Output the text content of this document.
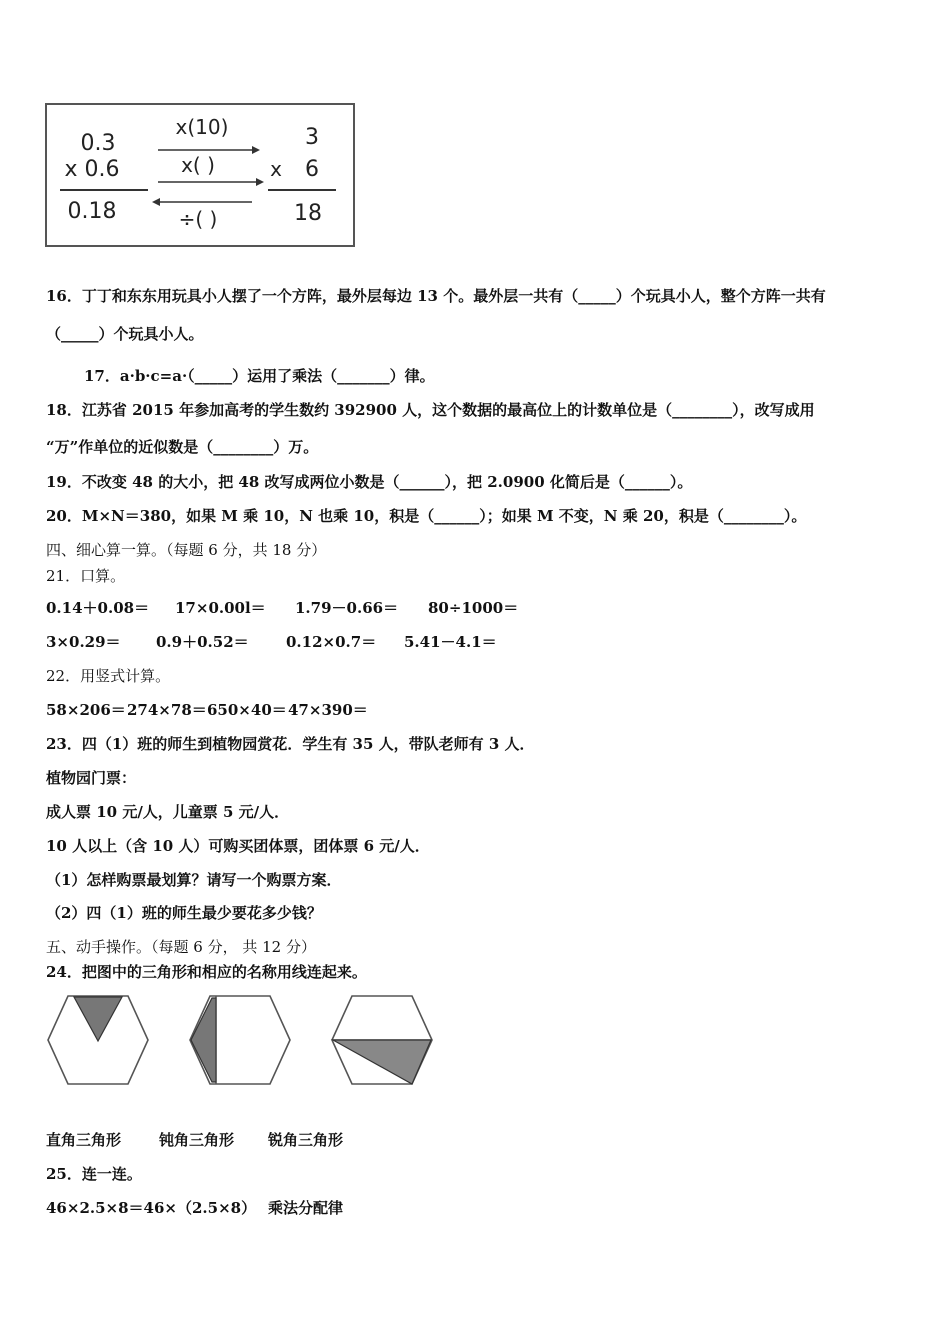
0.3
x 0.6
0.18
x(10)
x( )
÷( )
3
x 6
18
16．丁丁和东东用玩具小人摆了一个方阵，最外层每边 13 个。最外层一共有（_____）个玩具小人，整个方阵一共有
（_____）个玩具小人。
17．a·b·c=a·（_____）运用了乘法（_______）律。
18．江苏省 2015 年参加高考的学生数约 392900 人，这个数据的最高位上的计数单位是（________），改写成用
“万”作单位的近似数是（________）万。
19．不改变 48 的大小，把 48 改写成两位小数是（______），把 2.0900 化简后是（______）。
20．M×N＝380，如果 M 乘 10，N 也乘 10，积是（______）；如果 M 不变，N 乘 20，积是（________）。
四、细心算一算。（每题 6 分，共 18 分）
21．口算。
0.14＋0.08＝ 17×0.00l＝ 1.79－0.66＝ 80÷1000＝
3×0.29＝ 0.9＋0.52＝ 0.12×0.7＝ 5.41－4.1＝
22．用竖式计算。
58×206＝ 274×78＝ 650×40＝ 47×390＝
23．四（1）班的师生到植物园赏花．学生有 35 人，带队老师有 3 人．
植物园门票：
成人票 10 元/人，儿童票 5 元/人．
10 人以上（含 10 人）可购买团体票，团体票 6 元/人．
（1）怎样购票最划算？请写一个购票方案．
（2）四（1）班的师生最少要花多少钱？
五、动手操作。（每题 6 分， 共 12 分）
24．把图中的三角形和相应的名称用线连起来。
直角三角形	钝角三角形 锐角三角形
25．连一连。
46×2.5×8＝46×（2.5×8） 乘法分配律
